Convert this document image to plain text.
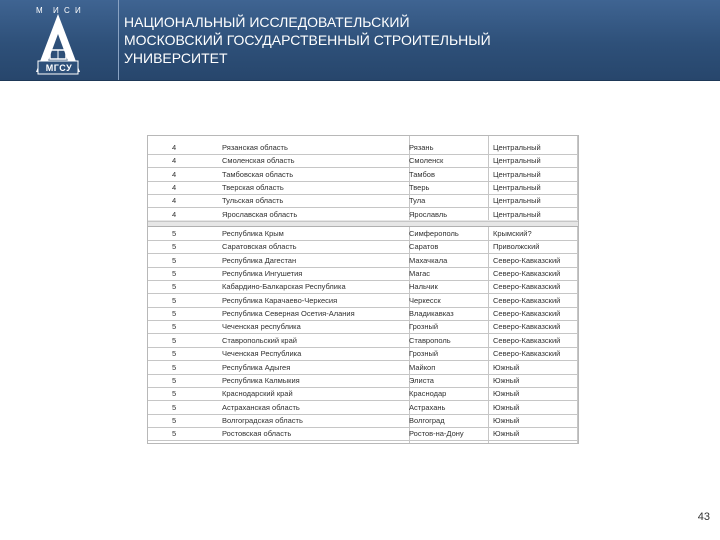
М И С И
МГСУ
НАЦИОНАЛЬНЫЙ ИССЛЕДОВАТЕЛЬСКИЙ
МОСКОВСКИЙ ГОСУДАРСТВЕННЫЙ СТРОИТЕЛЬНЫЙ
УНИВЕРСИТЕТ
4	Рязанская область	Рязань	Центральный
4	Смоленская область	Смоленск	Центральный
4	Тамбовская область	Тамбов	Центральный
4	Тверская область	Тверь	Центральный
4	Тульская область	Тула	Центральный
4	Ярославская область	Ярославль	Центральный
5	Республика Крым	Симферополь	Крымский?
5	Саратовская область	Саратов	Приволжский
5	Республика Дагестан	Махачкала	Северо-Кавказский
5	Республика Ингушетия	Магас	Северо-Кавказский
5	Кабардино-Балкарская Республика	Нальчик	Северо-Кавказский
5	Республика Карачаево-Черкесия	Черкесск	Северо-Кавказский
5	Республика Северная Осетия-Алания	Владикавказ	Северо-Кавказский
5	Чеченская республика	Грозный	Северо-Кавказский
5	Ставропольский край	Ставрополь	Северо-Кавказский
5	Чеченская Республика	Грозный	Северо-Кавказский
5	Республика Адыгея	Майкоп	Южный
5	Республика Калмыкия	Элиста	Южный
5	Краснодарский край	Краснодар	Южный
5	Астраханская область	Астрахань	Южный
5	Волгоградская область	Волгоград	Южный
5	Ростовская область	Ростов-на-Дону	Южный
43
